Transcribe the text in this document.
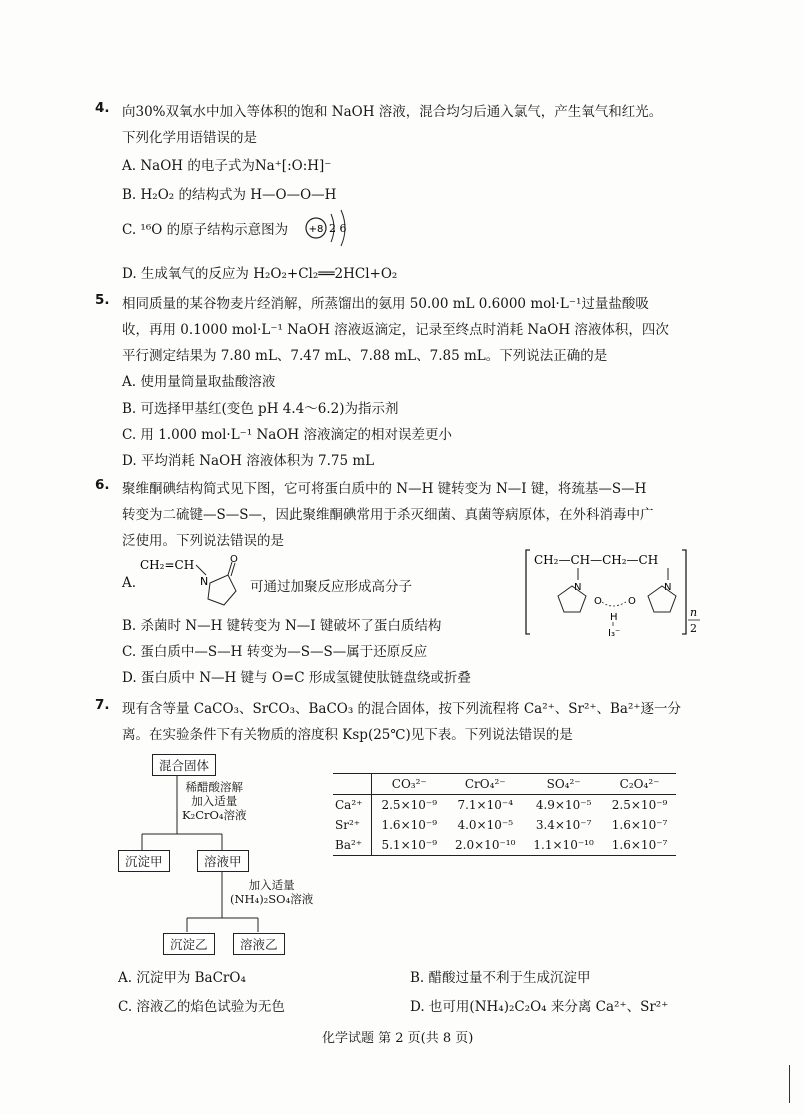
4. 向30%双氧水中加入等体积的饱和 NaOH 溶液，混合均匀后通入氯气，产生氧气和红光。
下列化学用语错误的是
A. NaOH 的电子式为Na⁺[:O:H]⁻
B. H₂O₂ 的结构式为 H—O—O—H
C. ¹⁶O 的原子结构示意图为 +8 2 6
D. 生成氧气的反应为 H₂O₂+Cl₂══2HCl+O₂
5. 相同质量的某谷物麦片经消解，所蒸馏出的氨用 50.00 mL 0.6000 mol·L⁻¹过量盐酸吸
收，再用 0.1000 mol·L⁻¹ NaOH 溶液返滴定，记录至终点时消耗 NaOH 溶液体积，四次
平行测定结果为 7.80 mL、7.47 mL、7.88 mL、7.85 mL。下列说法正确的是
A. 使用量筒量取盐酸溶液
B. 可选择甲基红(变色 pH 4.4～6.2)为指示剂
C. 用 1.000 mol·L⁻¹ NaOH 溶液滴定的相对误差更小
D. 平均消耗 NaOH 溶液体积为 7.75 mL
6. 聚维酮碘结构简式见下图，它可将蛋白质中的 N—H 键转变为 N—I 键，将巯基—S—H
转变为二硫键—S—S—，因此聚维酮碘常用于杀灭细菌、真菌等病原体，在外科消毒中广
泛使用。下列说法错误的是
A.
CH₂=CH
N
O
可通过加聚反应形成高分子
CH₂—CH—CH₂—CH
N	N
O	O
H
I₃⁻
n
2
B. 杀菌时 N—H 键转变为 N—I 键破坏了蛋白质结构
C. 蛋白质中—S—H 转变为—S—S—属于还原反应
D. 蛋白质中 N—H 键与 O=C 形成氢键使肽链盘绕或折叠
7. 现有含等量 CaCO₃、SrCO₃、BaCO₃ 的混合固体，按下列流程将 Ca²⁺、Sr²⁺、Ba²⁺逐一分
离。在实验条件下有关物质的溶度积 Ksp(25℃)见下表。下列说法错误的是
混合固体
稀醋酸溶解
加入适量
K₂CrO₄溶液
沉淀甲	溶液甲
加入适量
(NH₄)₂SO₄溶液
沉淀乙	溶液乙
	CO₃²⁻	CrO₄²⁻	SO₄²⁻	C₂O₄²⁻
Ca²⁺	2.5×10⁻⁹	7.1×10⁻⁴	4.9×10⁻⁵	2.5×10⁻⁹
Sr²⁺	1.6×10⁻⁹	4.0×10⁻⁵	3.4×10⁻⁷	1.6×10⁻⁷
Ba²⁺	5.1×10⁻⁹	2.0×10⁻¹⁰	1.1×10⁻¹⁰	1.6×10⁻⁷
A. 沉淀甲为 BaCrO₄	B. 醋酸过量不利于生成沉淀甲
C. 溶液乙的焰色试验为无色	D. 也可用(NH₄)₂C₂O₄ 来分离 Ca²⁺、Sr²⁺
化学试题 第 2 页(共 8 页)
